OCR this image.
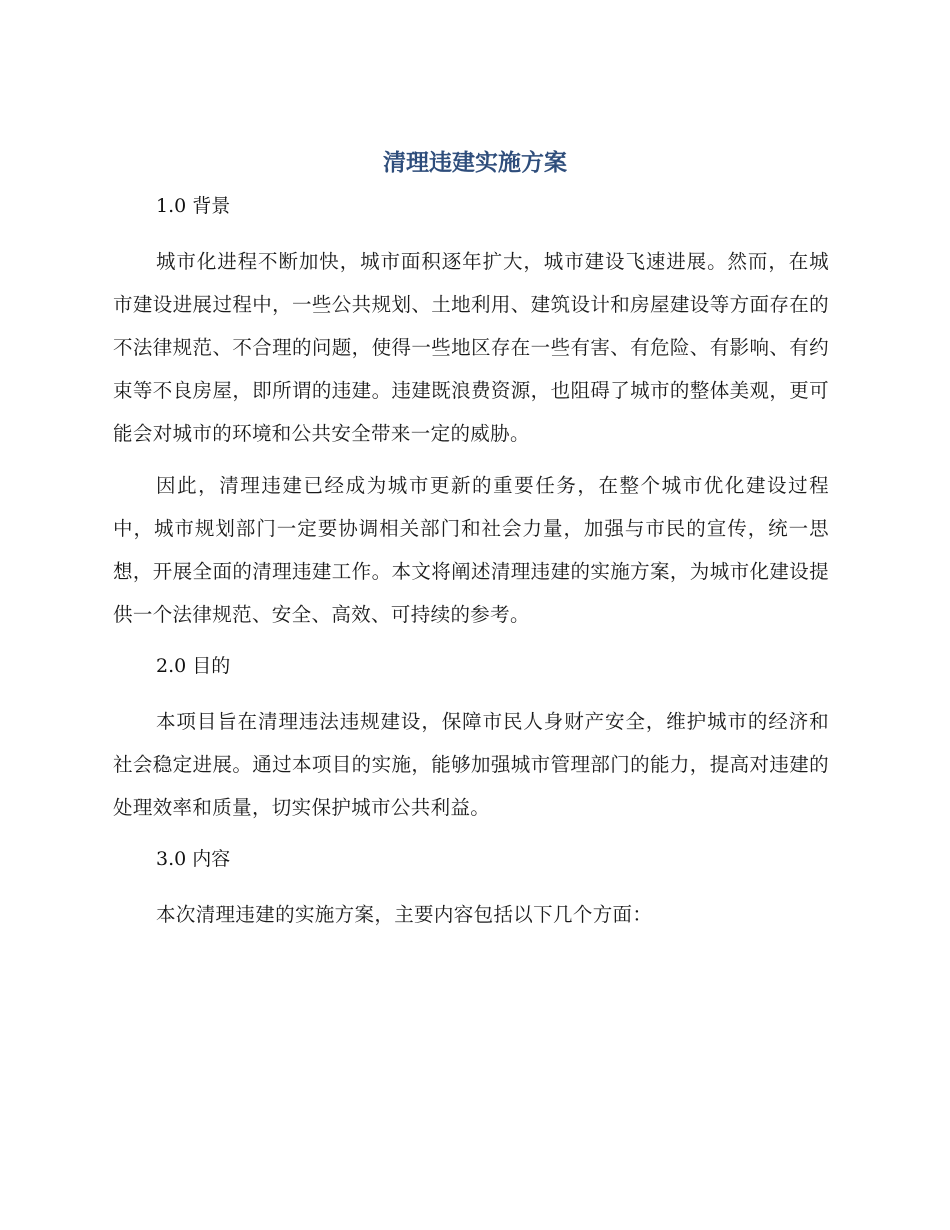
清理违建实施方案
1.0 背景

城市化进程不断加快，城市面积逐年扩大，城市建设飞速进展。然而，在城市建设进展过程中，一些公共规划、土地利用、建筑设计和房屋建设等方面存在的不法律规范、不合理的问题，使得一些地区存在一些有害、有危险、有影响、有约束等不良房屋，即所谓的违建。违建既浪费资源，也阻碍了城市的整体美观，更可能会对城市的环境和公共安全带来一定的威胁。

因此，清理违建已经成为城市更新的重要任务，在整个城市优化建设过程中，城市规划部门一定要协调相关部门和社会力量，加强与市民的宣传，统一思想，开展全面的清理违建工作。本文将阐述清理违建的实施方案，为城市化建设提供一个法律规范、安全、高效、可持续的参考。

2.0 目的

本项目旨在清理违法违规建设，保障市民人身财产安全，维护城市的经济和社会稳定进展。通过本项目的实施，能够加强城市管理部门的能力，提高对违建的处理效率和质量，切实保护城市公共利益。

3.0 内容

本次清理违建的实施方案，主要内容包括以下几个方面：
